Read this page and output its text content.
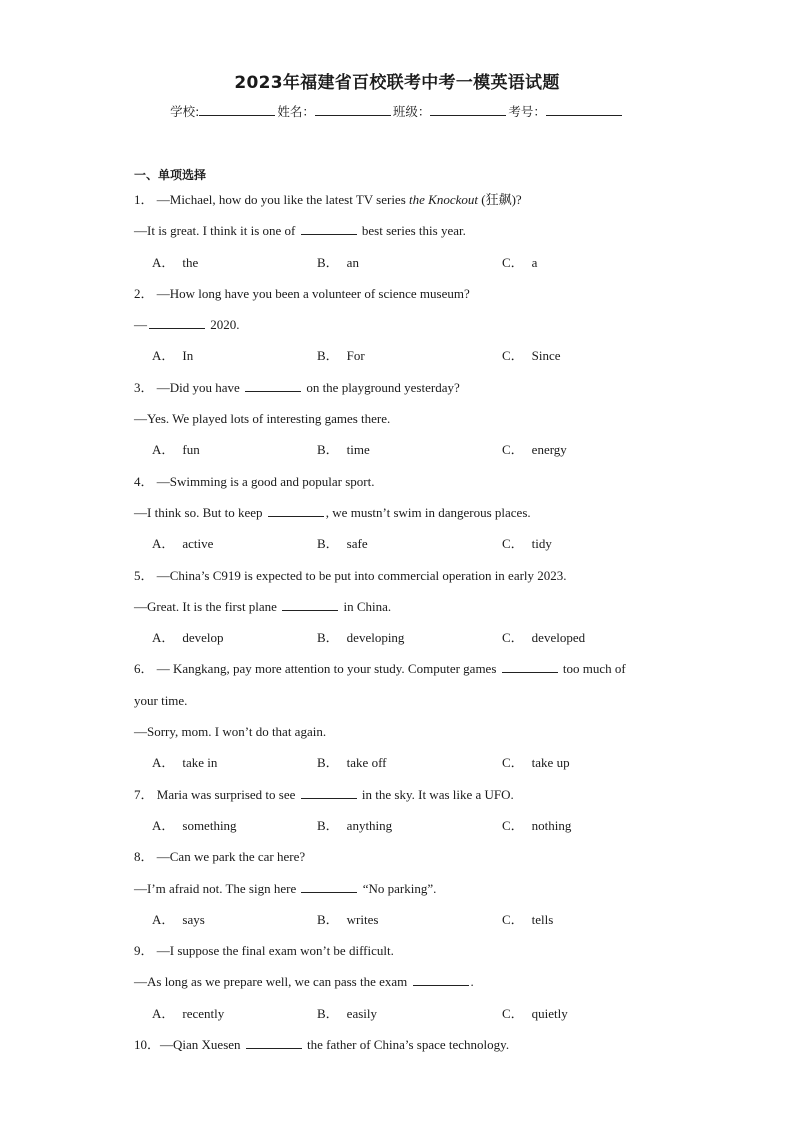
2023年福建省百校联考中考一模英语试题
学校:	姓名：	班级：	考号：
一、单项选择
1． —Michael, how do you like the latest TV series the Knockout (狂飙)?
—It is great. I think it is one of	best series this year.
A． the	B． an	C． a
2． —How long have you been a volunteer of science museum?
—	2020.
A． In	B． For	C． Since
3． —Did you have	on the playground yesterday?
—Yes. We played lots of interesting games there.
A． fun	B． time	C． energy
4． —Swimming is a good and popular sport.
—I think so. But to keep	, we mustn’t swim in dangerous places.
A． active	B． safe	C． tidy
5． —China’s C919 is expected to be put into commercial operation in early 2023.
—Great. It is the first plane	in China.
A． develop	B． developing	C． developed
6． — Kangkang, pay more attention to your study. Computer games	too much of
your time.
—Sorry, mom. I won’t do that again.
A． take in	B． take off	C． take up
7． Maria was surprised to see	in the sky. It was like a UFO.
A． something	B． anything	C． nothing
8． —Can we park the car here?
—I’m afraid not. The sign here	“No parking”.
A． says	B． writes	C． tells
9． —I suppose the final exam won’t be difficult.
—As long as we prepare well, we can pass the exam	.
A． recently	B． easily	C． quietly
10．—Qian Xuesen	the father of China’s space technology.
